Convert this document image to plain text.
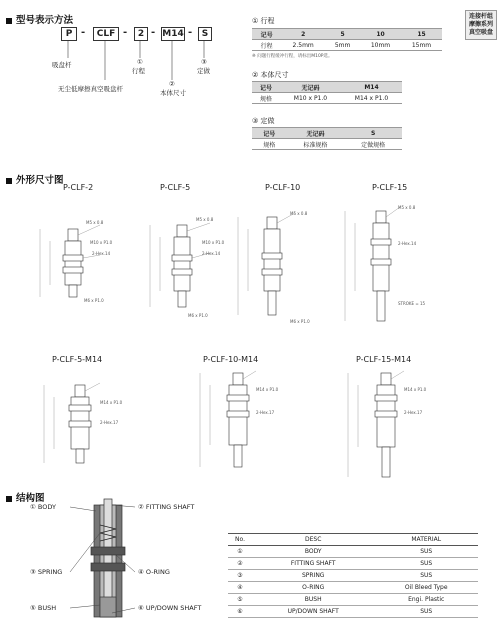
连接杆组
摩擦系列
真空吸盘
型号表示方法
P -	CLF -	2 - M14 -	S
吸盘杆
无尘低摩擦真空吸盘杆
①
行程
②
本体尺寸
③
定做
① 行程
记号	2	5	10	15
行程	2.5mm	5mm	10mm	15mm
※ 问题行程缓冲行程，请标出M10P选。
② 本体尺寸
记号	无记码	M14
规格	M10 x P1.0	M14 x P1.0
③ 定做
记号	无记码	S
规格	标准规格	定做规格
外形尺寸图
P-CLF-2	P-CLF-5	P-CLF-10	P-CLF-15
P-CLF-5-M14	P-CLF-10-M14	P-CLF-15-M14
M5 x 0.8
M10 x P1.0
2-Hex.14
M5 x 0.8
M10 x P1.0
2-Hex.14
M5 x 0.8
M5 x 0.8
2-Hex.14
STROKE = 15
M6 x P1.0
M6 x P1.0
M6 x P1.0
M14 x P1.0
2-Hex.17
M14 x P1.0
2-Hex.17
M14 x P1.0
2-Hex.17
结构图
① BODY
③ SPRING
⑤ BUSH
② FITTING SHAFT
④ O-RING
⑥ UP/DOWN SHAFT
No.	DESC	MATERIAL
①	BODY	SUS
②	FITTING SHAFT	SUS
③	SPRING	SUS
④	O-RING	Oil Bleed Type
⑤	BUSH	Engi. Plastic
⑥	UP/DOWN SHAFT	SUS
